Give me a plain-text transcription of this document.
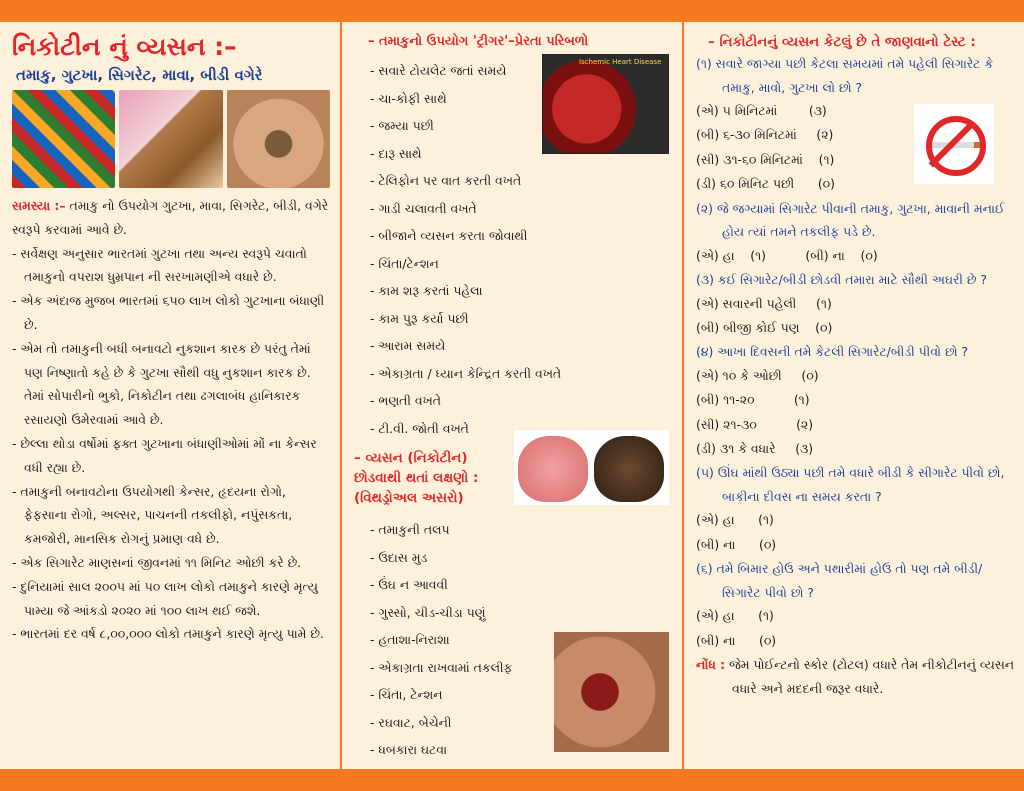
નિકોટીન નું વ્યસન :–
તમાકુ, ગુટખા, સિગરેટ, માવા, બીડી વગેરે
સમસ્યા :– તમાકુ નો ઉપયોગ ગુટખા, માવા, સિગરેટ, બીડી, વગેરે સ્વરૂપે કરવામાં આવે છે.
- સર્વેક્ષણ અનુસાર ભારતમાં ગુટખા તથા અન્ય સ્વરૂપે ચવાતો તમાકુનો વપરાશ ધુમ્રપાન ની સરખામણીએ વધારે છે.
- એક અંદાજ મુજબ ભારતમાં ૬૫૦ લાખ લોકો ગુટખાના બંધાણી છે.
- એમ તો તમાકુની બધી બનાવટો નુકશાન કારક છે પરંતુ તેમાં પણ નિષ્ણાતો કહે છે કે ગુટખા સૌથી વધુ નુકશાન કારક છે. તેમાં સોપારીનો ભુકો, નિકોટીન તથા ઢગલાબંધ હાનિકારક રસાયણો ઉમેરવામાં આવે છે.
- છેલ્લા થોડા વર્ષોમાં ફક્ત ગુટખાના બંધાણીઓમાં મોં ના કેન્સર વધી રહ્યા છે.
- તમાકુની બનાવટોના ઉપયોગથી કેન્સર, હૃદયના રોગો, ફેફસાના રોગો, અલ્સર, પાચનની તકલીફો, નપુંસકતા, કમજોરી, માનસિક રોગનું પ્રમાણ વધે છે.
- એક સિગારેટ માણસનાં જીવનમાં ૧૧ મિનિટ ઓછી કરે છે.
- દુનિયામાં સાલ ૨૦૦૫ માં ૫૦ લાખ લોકો તમાકુને કારણે મૃત્યુ પામ્યા જે આંકડો ૨૦૨૦ માં ૧૦૦ લાખ થઈ જશે.
- ભારતમાં દર વર્ષ ૮,૦૦,૦૦૦ લોકો તમાકુને કારણે મૃત્યુ પામે છે.
– તમાકુનો ઉપયોગ 'ટ્રીગર'–પ્રેરતા પરિબળો
- સવારે ટોયલેટ જતાં સમયે
- ચા-કોફી સાથે
- જમ્યા પછી
- દારૂ સાથે
- ટેલિફોન પર વાત કરતી વખતે
- ગાડી ચલાવતી વખતે
- બીજાને વ્યસન કરતા જોવાથી
- ચિંતા/ટેન્શન
- કામ શરૂ કરતાં પહેલા
- કામ પુરૂ કર્યા પછી
- આરામ સમયે
- એકાગ્રતા / ધ્યાન કેન્દ્રિત કરતી વખતે
- ભણતી વખતે
- ટી.વી. જોતી વખતે
– વ્યસન (નિકોટીન) છોડવાથી થતાં લક્ષણો : (વિથડ્રોઅલ અસરો)
- તમાકુની તલપ
- ઉદાસ મુડ
- ઉંઘ ન આવવી
- ગુસ્સો, ચીડ-ચીડા પણું
- હતાશા-નિરાશા
- એકાગ્રતા રાખવામાં તકલીફ
- ચિંતા, ટેન્શન
- રઘવાટ, બેચેની
- ધબકારા ઘટવા
-
Ischemic Heart Disease
– નિકોટીનનું વ્યસન કેટલું છે તે જાણવાનો ટેસ્ટ :
(૧) સવારે જાગ્યા પછી કેટલા સમયમાં તમે પહેલી સિગારેટ કે તમાકુ, માવો, ગુટખા લો છો ?
(એ) ૫ મિનિટમાં        (૩)
(બી) ૬-૩૦ મિનિટમાં     (૨)
(સી) ૩૧-૬૦ મિનિટમાં    (૧)
(ડી) ૬૦ મિનિટ પછી      (૦)
(૨) જે જગ્યામાં સિગારેટ પીવાની તમાકુ, ગુટખા, માવાની મનાઈ હોય ત્યાં તમને તકલીફ પડે છે.
(એ) હા    (૧)          (બી) ના    (૦)
(૩) કઈ સિગારેટ/બીડી છોડવી તમારા માટે સૌથી અઘરી છે ?
(એ) સવારની પહેલી     (૧)
(બી) બીજી કોઈ પણ    (૦)
(૪) આખા દિવસની તમે કેટલી સિગારેટ/બીડી પીવો છો ?
(એ) ૧૦ કે ઓછી     (૦)
(બી) ૧૧-૨૦          (૧)
(સી) ૨૧-૩૦          (૨)
(ડી) ૩૧ કે વધારે     (૩)
(૫) ઊંઘ માંથી ઉઠ્યા પછી તમે વધારે બીડી કે સીગારેટ પીવો છો, બાકીના દીવસ ના સમય કરતા ?
(એ) હા      (૧)
(બી) ના      (૦)
(૬) તમે બિમાર હોઉ અને પથારીમાં હોઉ તો પણ તમે બીડી/સિગારેટ પીવો છો ?
(એ) હા      (૧)
(બી) ના      (૦)
નોંધ : જેમ પોઈન્ટનો સ્કોર (ટોટલ) વધારે તેમ નીકોટીનનું વ્યસન વધારે અને મદદની જરૂર વધારે.
